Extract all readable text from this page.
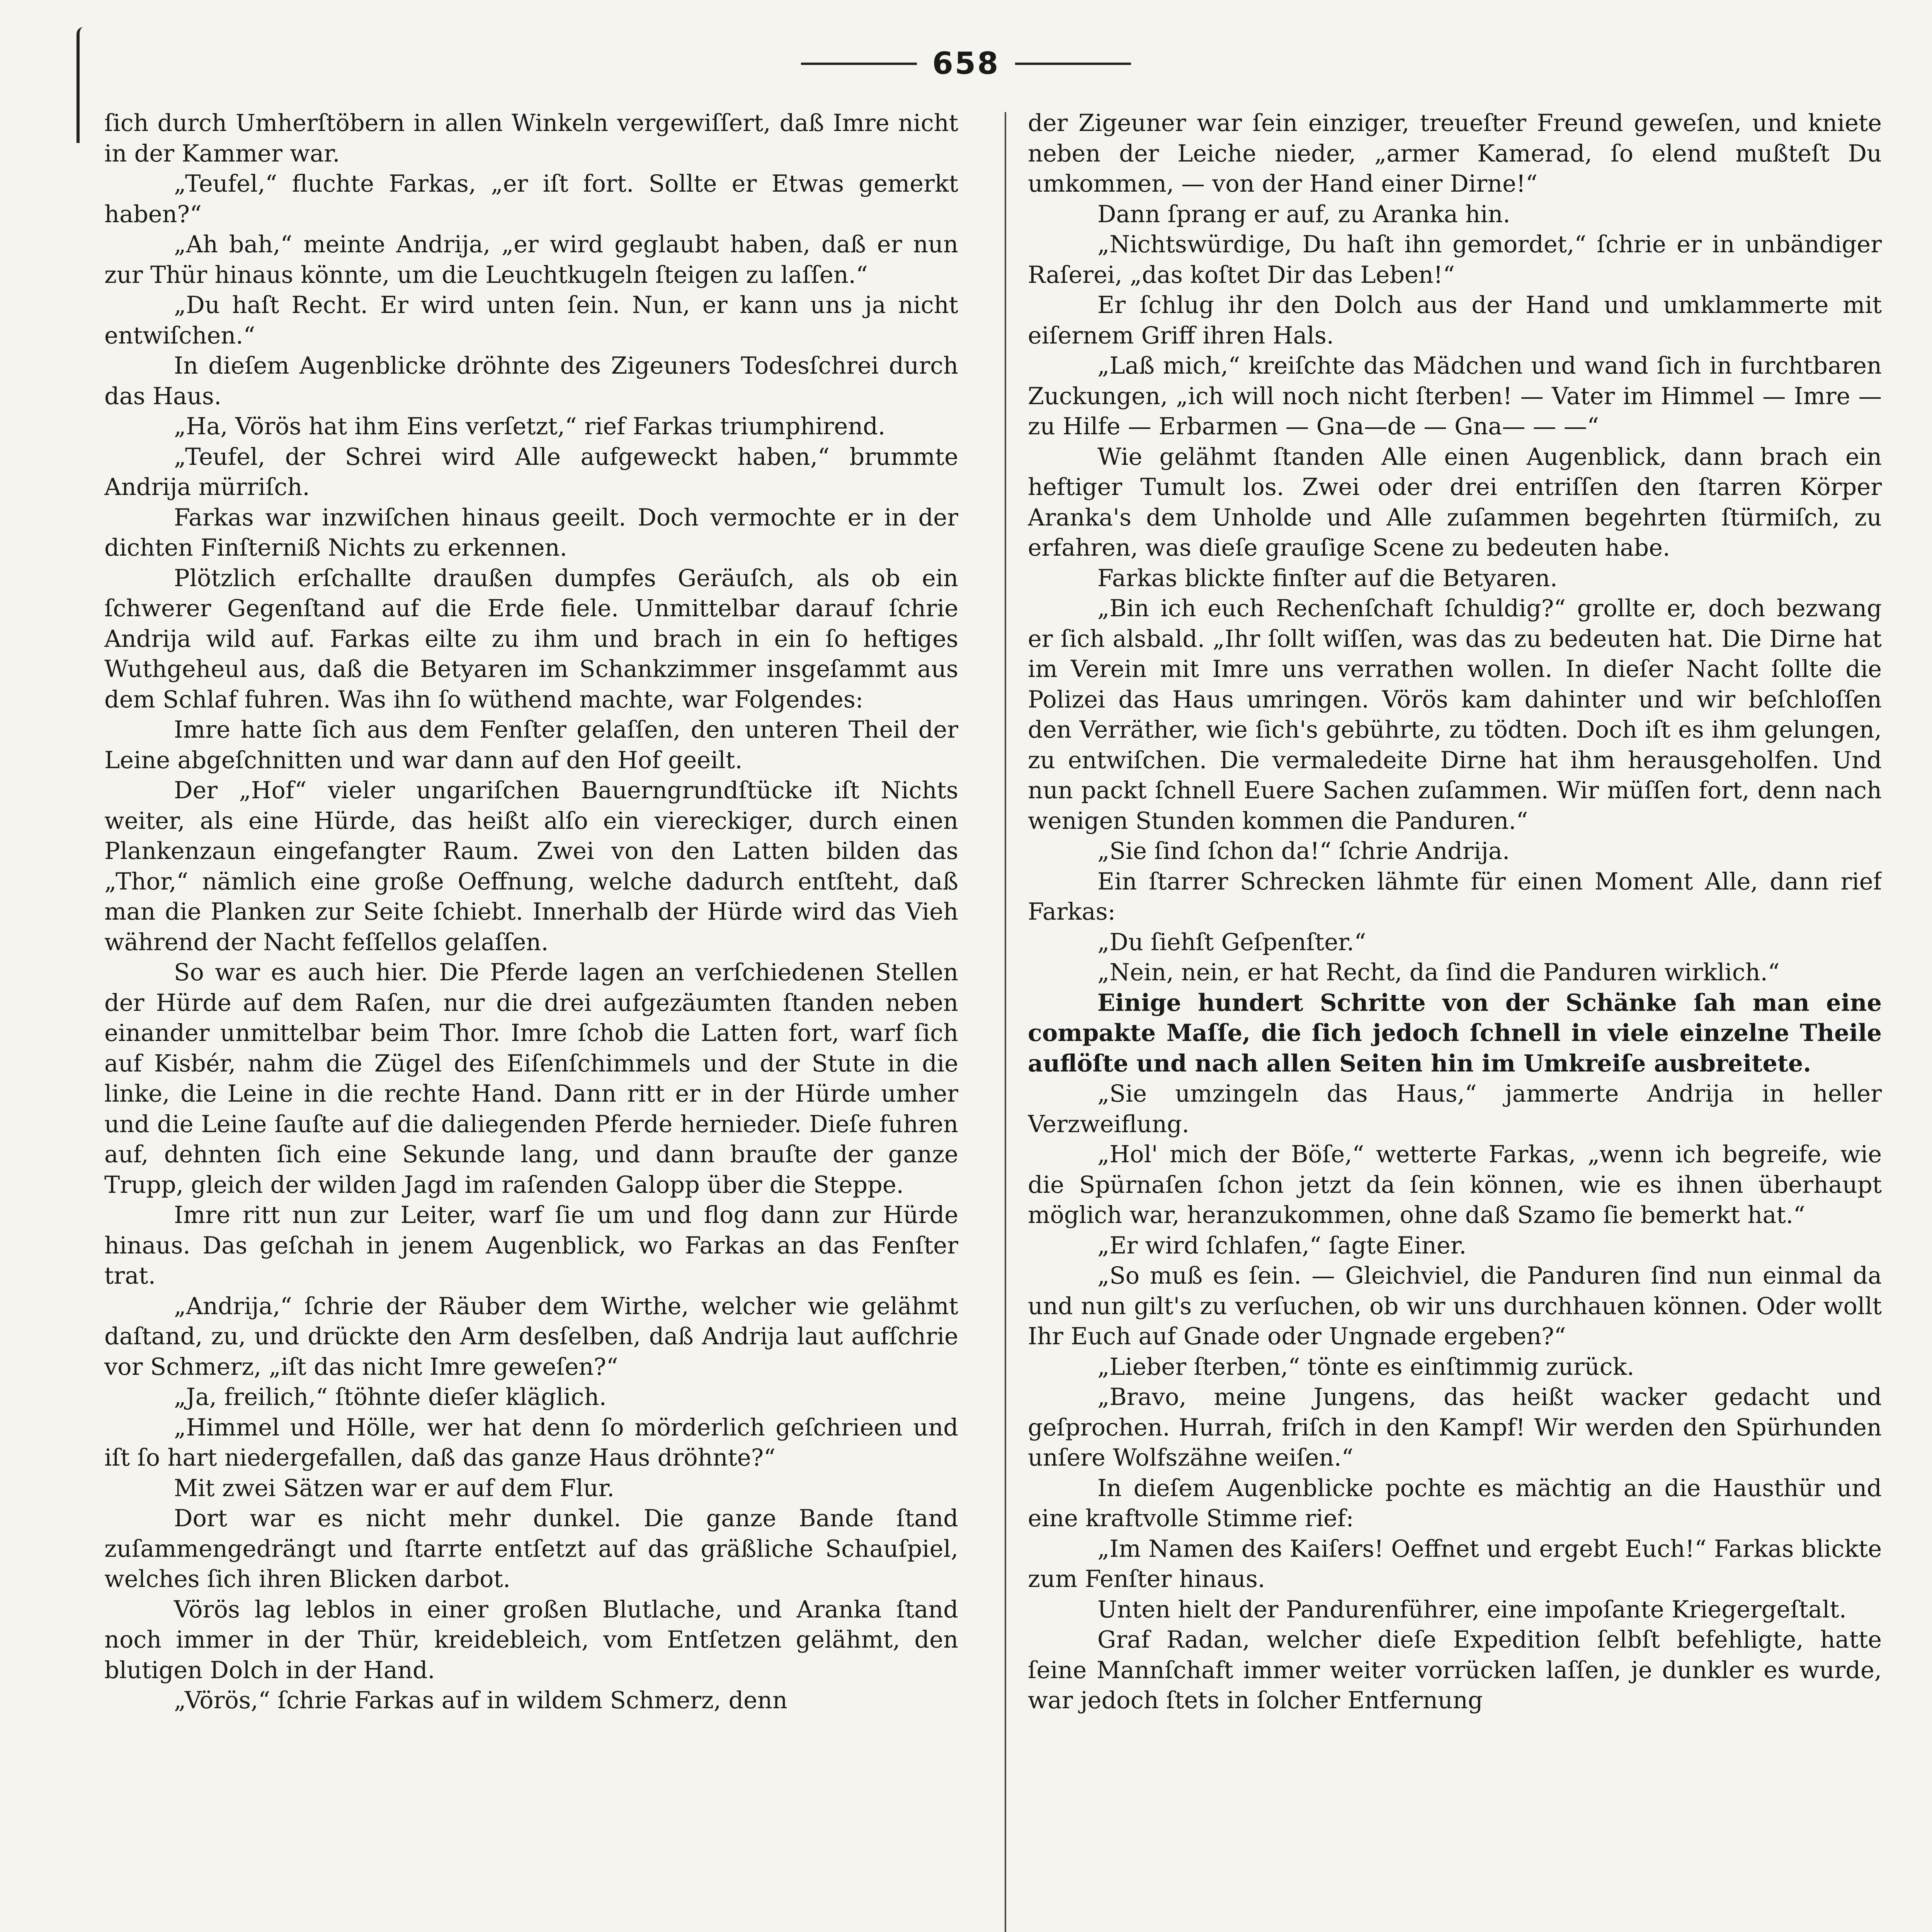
658

ſich durch Umherſtöbern in allen Winkeln vergewiſſert, daß Imre nicht in der Kammer war.

„Teufel,“ fluchte Farkas, „er iſt fort. Sollte er Etwas gemerkt haben?“

„Ah bah,“ meinte Andrija, „er wird geglaubt haben, daß er nun zur Thür hinaus könnte, um die Leuchtkugeln ſteigen zu laſſen.“

„Du haſt Recht. Er wird unten ſein. Nun, er kann uns ja nicht entwiſchen.“

In dieſem Augenblicke dröhnte des Zigeuners Todesſchrei durch das Haus.

„Ha, Vörös hat ihm Eins verſetzt,“ rief Farkas triumphirend.

„Teufel, der Schrei wird Alle aufgeweckt haben,“ brummte Andrija mürriſch.

Farkas war inzwiſchen hinaus geeilt. Doch vermochte er in der dichten Finſterniß Nichts zu erkennen.

Plötzlich erſchallte draußen dumpfes Geräuſch, als ob ein ſchwerer Gegenſtand auf die Erde fiele. Unmittelbar darauf ſchrie Andrija wild auf. Farkas eilte zu ihm und brach in ein ſo heftiges Wuthgeheul aus, daß die Betyaren im Schankzimmer insgeſammt aus dem Schlaf fuhren. Was ihn ſo wüthend machte, war Folgendes:

Imre hatte ſich aus dem Fenſter gelaſſen, den unteren Theil der Leine abgeſchnitten und war dann auf den Hof geeilt.

Der „Hof“ vieler ungariſchen Bauerngrundſtücke iſt Nichts weiter, als eine Hürde, das heißt alſo ein viereckiger, durch einen Plankenzaun eingefangter Raum. Zwei von den Latten bilden das „Thor,“ nämlich eine große Oeffnung, welche dadurch entſteht, daß man die Planken zur Seite ſchiebt. Innerhalb der Hürde wird das Vieh während der Nacht feſſellos gelaſſen.

So war es auch hier. Die Pferde lagen an verſchiedenen Stellen der Hürde auf dem Raſen, nur die drei aufgezäumten ſtanden neben einander unmittelbar beim Thor. Imre ſchob die Latten fort, warf ſich auf Kisbér, nahm die Zügel des Eiſenſchimmels und der Stute in die linke, die Leine in die rechte Hand. Dann ritt er in der Hürde umher und die Leine ſauſte auf die daliegenden Pferde hernieder. Dieſe fuhren auf, dehnten ſich eine Sekunde lang, und dann brauſte der ganze Trupp, gleich der wilden Jagd im raſenden Galopp über die Steppe.

Imre ritt nun zur Leiter, warf ſie um und flog dann zur Hürde hinaus. Das geſchah in jenem Augenblick, wo Farkas an das Fenſter trat.

„Andrija,“ ſchrie der Räuber dem Wirthe, welcher wie gelähmt daſtand, zu, und drückte den Arm desſelben, daß Andrija laut aufſchrie vor Schmerz, „iſt das nicht Imre geweſen?“

„Ja, freilich,“ ſtöhnte dieſer kläglich.

„Himmel und Hölle, wer hat denn ſo mörderlich geſchrieen und iſt ſo hart niedergefallen, daß das ganze Haus dröhnte?“

Mit zwei Sätzen war er auf dem Flur.

Dort war es nicht mehr dunkel. Die ganze Bande ſtand zuſammengedrängt und ſtarrte entſetzt auf das gräßliche Schauſpiel, welches ſich ihren Blicken darbot.

Vörös lag leblos in einer großen Blutlache, und Aranka ſtand noch immer in der Thür, kreidebleich, vom Entſetzen gelähmt, den blutigen Dolch in der Hand.

„Vörös,“ ſchrie Farkas auf in wildem Schmerz, denn

der Zigeuner war ſein einziger, treueſter Freund geweſen, und kniete neben der Leiche nieder, „armer Kamerad, ſo elend mußteſt Du umkommen, — von der Hand einer Dirne!“

Dann ſprang er auf, zu Aranka hin.

„Nichtswürdige, Du haſt ihn gemordet,“ ſchrie er in unbändiger Raſerei, „das koſtet Dir das Leben!“

Er ſchlug ihr den Dolch aus der Hand und umklammerte mit eiſernem Griff ihren Hals.

„Laß mich,“ kreiſchte das Mädchen und wand ſich in furchtbaren Zuckungen, „ich will noch nicht ſterben! — Vater im Himmel — Imre — zu Hilfe — Erbarmen — Gna—de — Gna— — —“

Wie gelähmt ſtanden Alle einen Augenblick, dann brach ein heftiger Tumult los. Zwei oder drei entriſſen den ſtarren Körper Aranka's dem Unholde und Alle zuſammen begehrten ſtürmiſch, zu erfahren, was dieſe grauſige Scene zu bedeuten habe.

Farkas blickte finſter auf die Betyaren.

„Bin ich euch Rechenſchaft ſchuldig?“ grollte er, doch bezwang er ſich alsbald. „Ihr ſollt wiſſen, was das zu bedeuten hat. Die Dirne hat im Verein mit Imre uns verrathen wollen. In dieſer Nacht ſollte die Polizei das Haus umringen. Vörös kam dahinter und wir beſchloſſen den Verräther, wie ſich's gebührte, zu tödten. Doch iſt es ihm gelungen, zu entwiſchen. Die vermaledeite Dirne hat ihm herausgeholfen. Und nun packt ſchnell Euere Sachen zuſammen. Wir müſſen fort, denn nach wenigen Stunden kommen die Panduren.“

„Sie ſind ſchon da!“ ſchrie Andrija.

Ein ſtarrer Schrecken lähmte für einen Moment Alle, dann rief Farkas:

„Du ſiehſt Geſpenſter.“

„Nein, nein, er hat Recht, da ſind die Panduren wirklich.“

Einige hundert Schritte von der Schänke ſah man eine compakte Maſſe, die ſich jedoch ſchnell in viele einzelne Theile auflöſte und nach allen Seiten hin im Umkreiſe ausbreitete.

„Sie umzingeln das Haus,“ jammerte Andrija in heller Verzweiflung.

„Hol' mich der Böſe,“ wetterte Farkas, „wenn ich begreife, wie die Spürnaſen ſchon jetzt da ſein können, wie es ihnen überhaupt möglich war, heranzukommen, ohne daß Szamo ſie bemerkt hat.“

„Er wird ſchlafen,“ ſagte Einer.

„So muß es ſein. — Gleichviel, die Panduren ſind nun einmal da und nun gilt's zu verſuchen, ob wir uns durchhauen können. Oder wollt Ihr Euch auf Gnade oder Ungnade ergeben?“

„Lieber ſterben,“ tönte es einſtimmig zurück.

„Bravo, meine Jungens, das heißt wacker gedacht und geſprochen. Hurrah, friſch in den Kampf! Wir werden den Spürhunden unſere Wolfszähne weiſen.“

In dieſem Augenblicke pochte es mächtig an die Hausthür und eine kraftvolle Stimme rief:

„Im Namen des Kaiſers! Oeffnet und ergebt Euch!“ Farkas blickte zum Fenſter hinaus.

Unten hielt der Pandurenführer, eine impoſante Kriegergeſtalt.

Graf Radan, welcher dieſe Expedition ſelbſt befehligte, hatte ſeine Mannſchaft immer weiter vorrücken laſſen, je dunkler es wurde, war jedoch ſtets in ſolcher Entfernung
